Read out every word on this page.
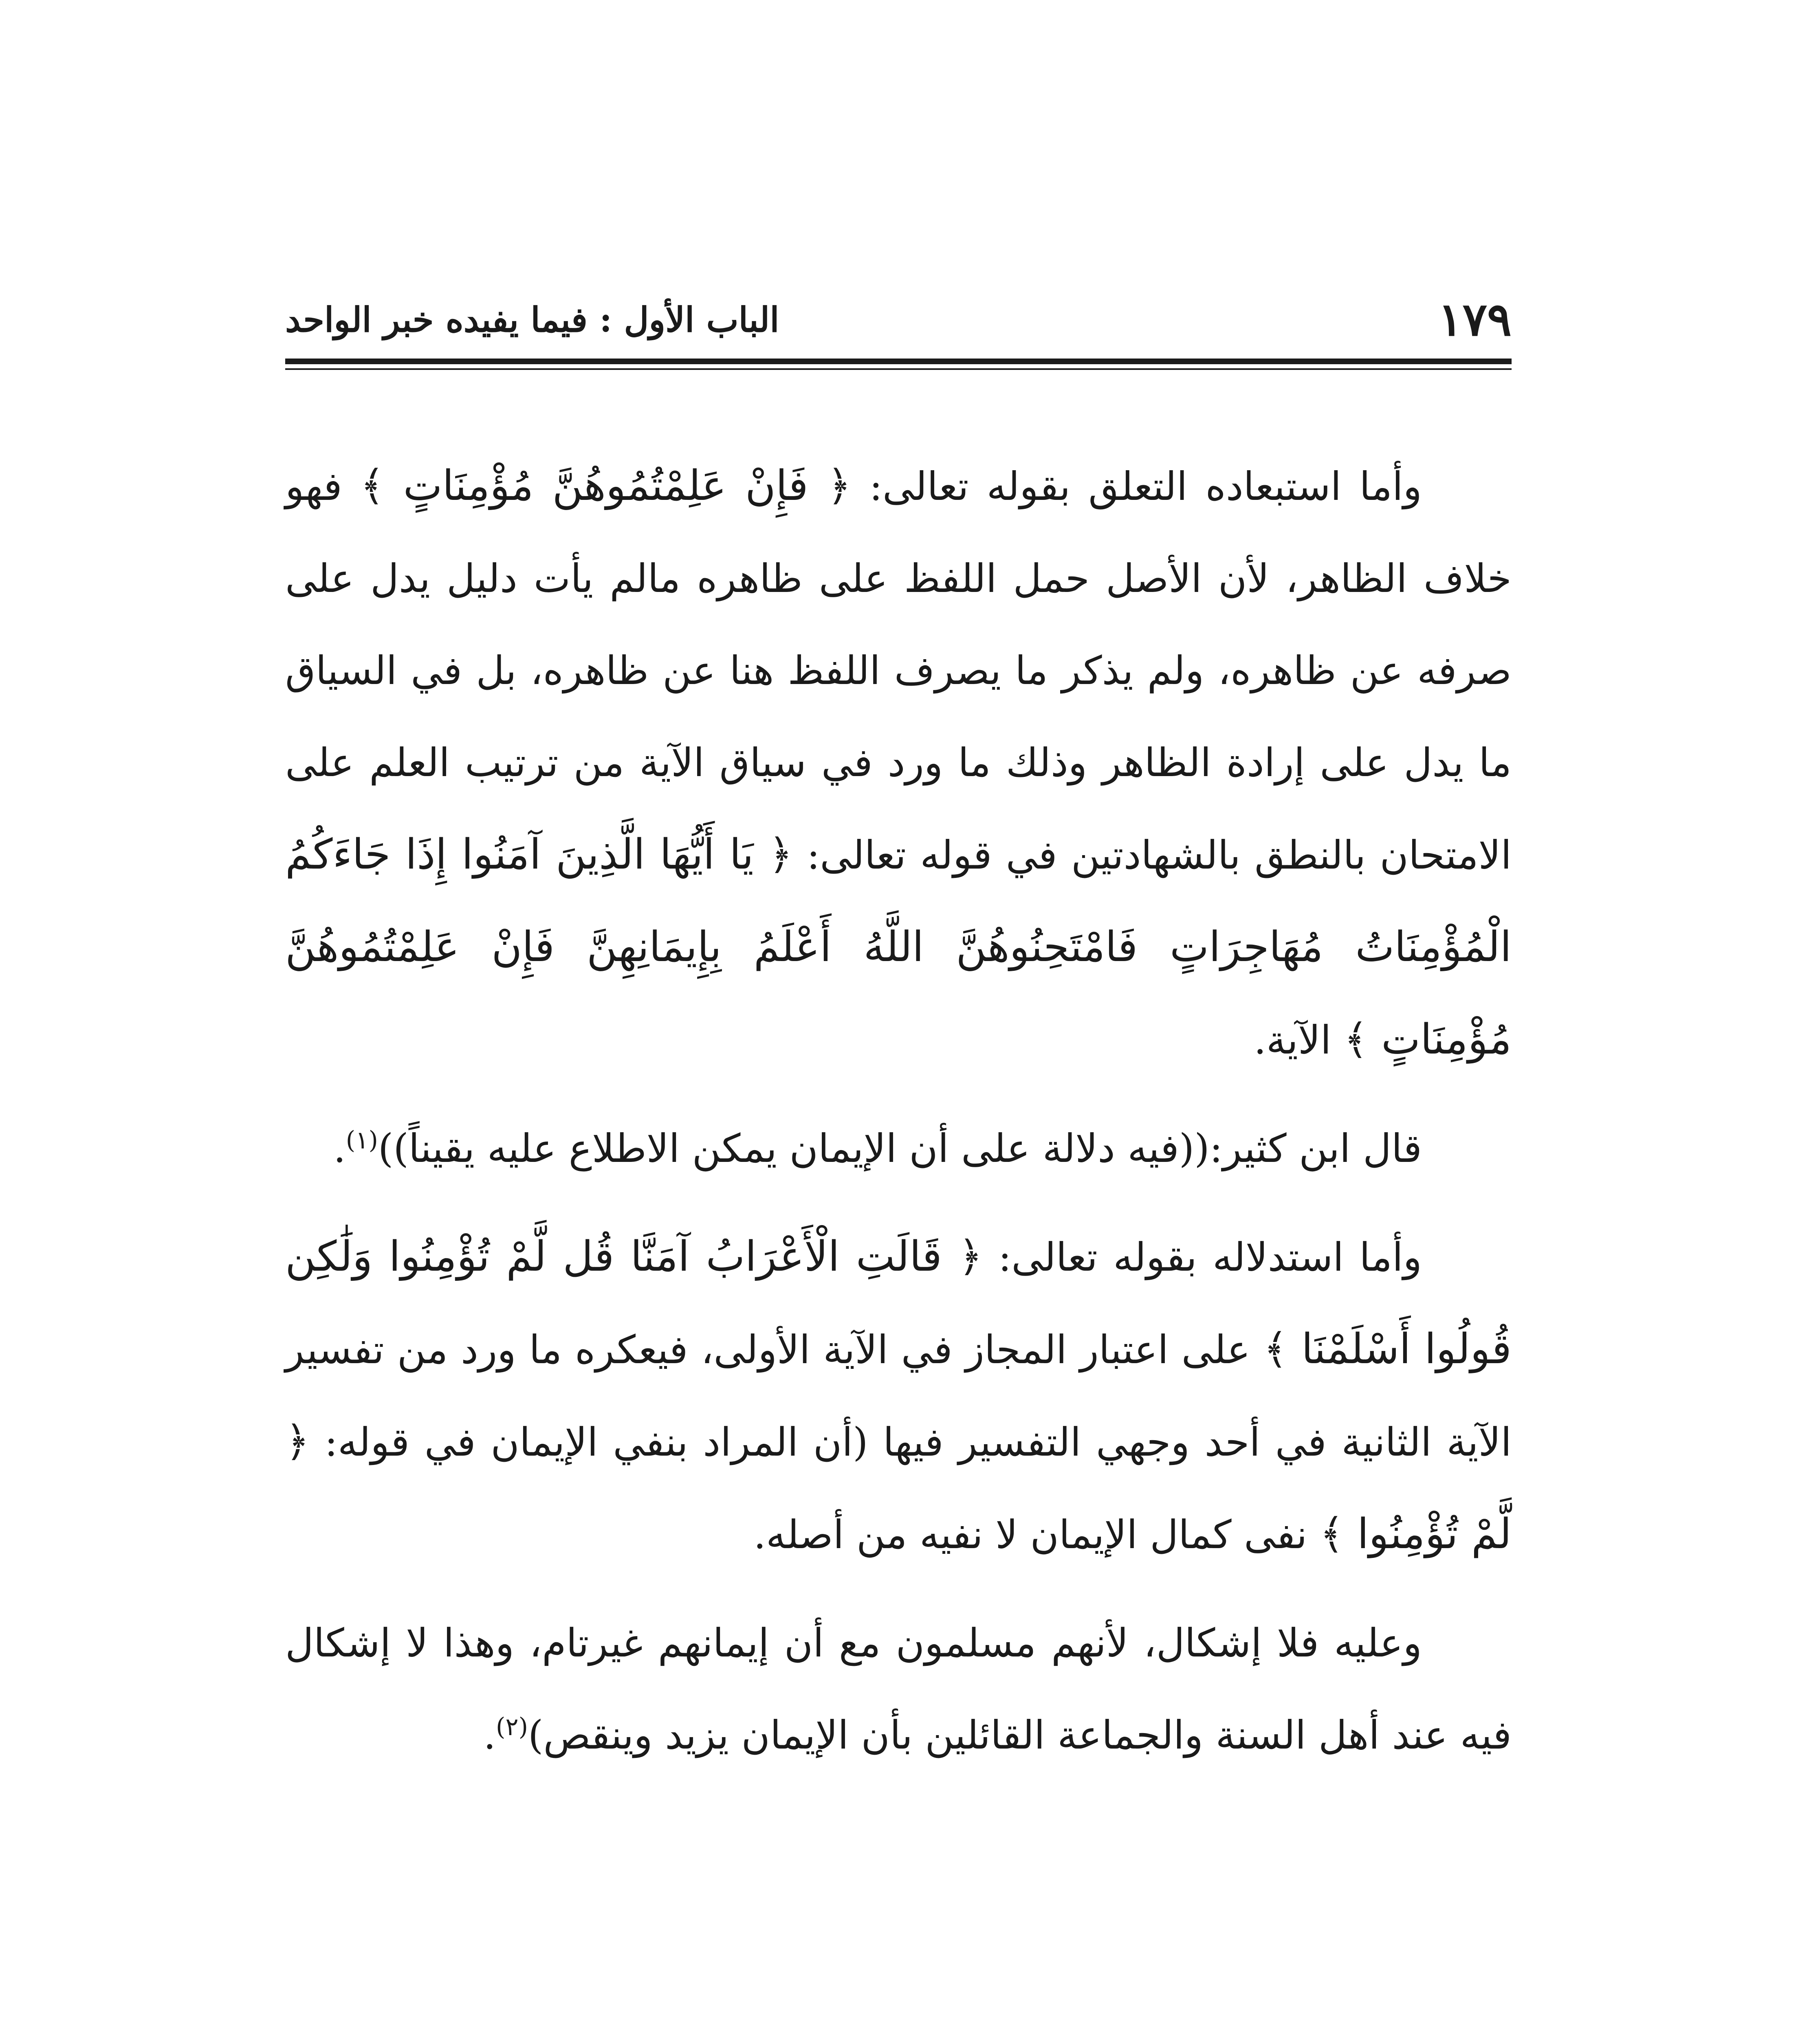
١٧٩
الباب الأول : فيما يفيده خبر الواحد

وأما استبعاده التعلق بقوله تعالى: ﴿ فَإِنْ عَلِمْتُمُوهُنَّ مُؤْمِنَاتٍ ﴾ فهو خلاف الظاهر، لأن الأصل حمل اللفظ على ظاهره مالم يأت دليل يدل على صرفه عن ظاهره، ولم يذكر ما يصرف اللفظ هنا عن ظاهره، بل في السياق ما يدل على إرادة الظاهر وذلك ما ورد في سياق الآية من ترتيب العلم على الامتحان بالنطق بالشهادتين في قوله تعالى: ﴿ يَا أَيُّهَا الَّذِينَ آمَنُوا إِذَا جَاءَكُمُ الْمُؤْمِنَاتُ مُهَاجِرَاتٍ فَامْتَحِنُوهُنَّ اللَّهُ أَعْلَمُ بِإِيمَانِهِنَّ فَإِنْ عَلِمْتُمُوهُنَّ مُؤْمِنَاتٍ ﴾ الآية.

قال ابن كثير:((فيه دلالة على أن الإيمان يمكن الاطلاع عليه يقيناً))$^{(١)}$.

وأما استدلاله بقوله تعالى: ﴿ قَالَتِ الْأَعْرَابُ آمَنَّا قُل لَّمْ تُؤْمِنُوا وَلَٰكِن قُولُوا أَسْلَمْنَا ﴾ على اعتبار المجاز في الآية الأولى، فيعكره ما ورد من تفسير الآية الثانية في أحد وجهي التفسير فيها (أن المراد بنفي الإيمان في قوله: ﴿ لَّمْ تُؤْمِنُوا ﴾ نفى كمال الإيمان لا نفيه من أصله.

وعليه فلا إشكال، لأنهم مسلمون مع أن إيمانهم غيرتام، وهذا لا إشكال فيه عند أهل السنة والجماعة القائلين بأن الإيمان يزيد وينقص)$^{(٢)}$.
